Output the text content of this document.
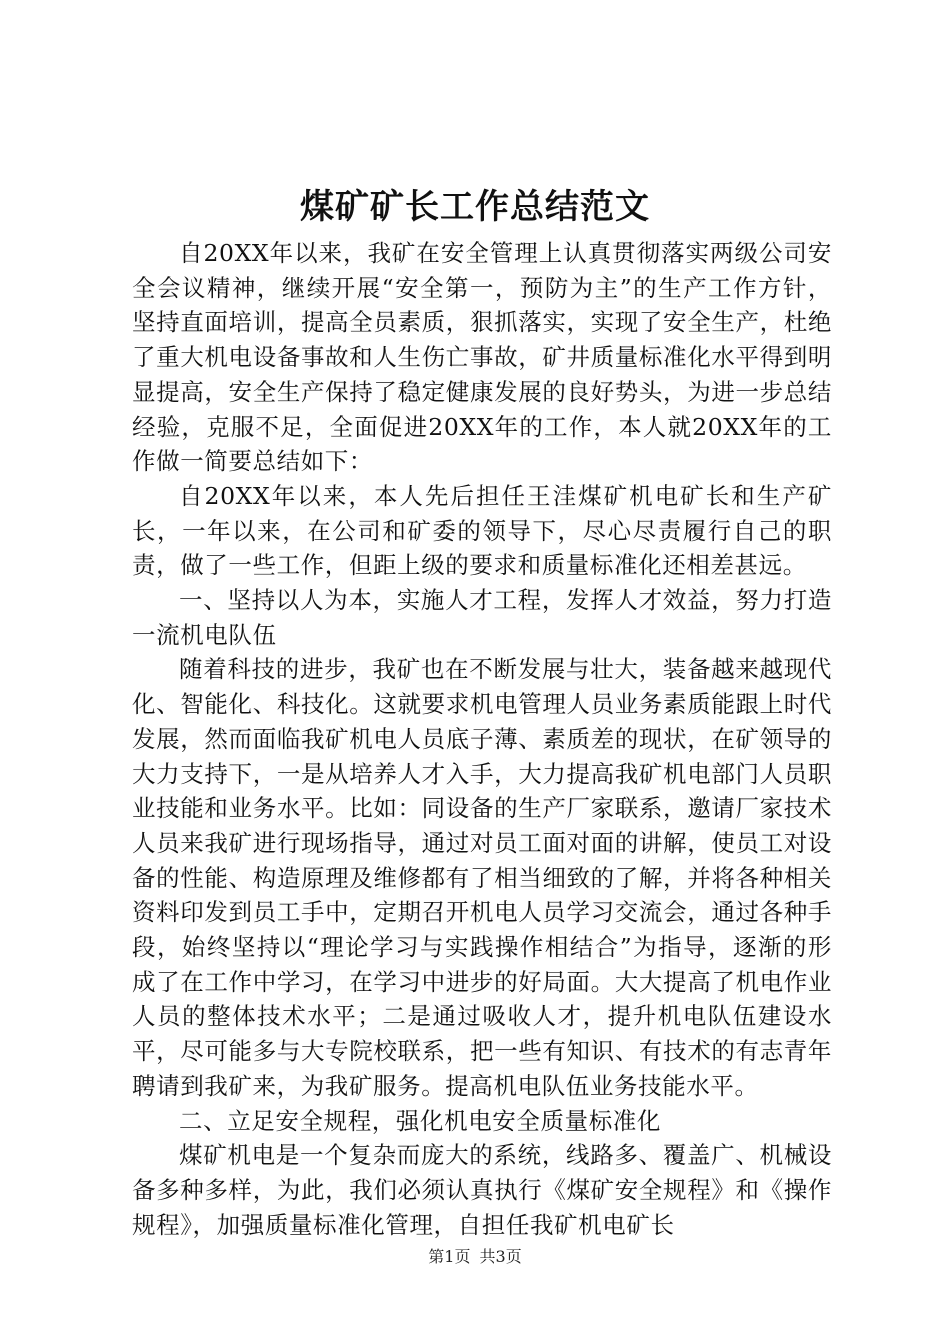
煤矿矿长工作总结范文

自20XX年以来，我矿在安全管理上认真贯彻落实两级公司安全会议精神，继续开展“安全第一，预防为主”的生产工作方针，坚持直面培训，提高全员素质，狠抓落实，实现了安全生产，杜绝了重大机电设备事故和人生伤亡事故，矿井质量标准化水平得到明显提高，安全生产保持了稳定健康发展的良好势头，为进一步总结经验，克服不足，全面促进20XX年的工作，本人就20XX年的工作做一简要总结如下：

自20XX年以来，本人先后担任王洼煤矿机电矿长和生产矿长，一年以来，在公司和矿委的领导下，尽心尽责履行自己的职责，做了一些工作，但距上级的要求和质量标准化还相差甚远。

一、坚持以人为本，实施人才工程，发挥人才效益，努力打造一流机电队伍

随着科技的进步，我矿也在不断发展与壮大，装备越来越现代化、智能化、科技化。这就要求机电管理人员业务素质能跟上时代发展，然而面临我矿机电人员底子薄、素质差的现状，在矿领导的大力支持下，一是从培养人才入手，大力提高我矿机电部门人员职业技能和业务水平。比如：同设备的生产厂家联系，邀请厂家技术人员来我矿进行现场指导，通过对员工面对面的讲解，使员工对设备的性能、构造原理及维修都有了相当细致的了解，并将各种相关资料印发到员工手中，定期召开机电人员学习交流会，通过各种手段，始终坚持以“理论学习与实践操作相结合”为指导，逐渐的形成了在工作中学习，在学习中进步的好局面。大大提高了机电作业人员的整体技术水平；二是通过吸收人才，提升机电队伍建设水平，尽可能多与大专院校联系，把一些有知识、有技术的有志青年聘请到我矿来，为我矿服务。提高机电队伍业务技能水平。

二、立足安全规程，强化机电安全质量标准化

煤矿机电是一个复杂而庞大的系统，线路多、覆盖广、机械设备多种多样，为此，我们必须认真执行《煤矿安全规程》和《操作规程》，加强质量标准化管理，自担任我矿机电矿长

第1页 共3页
